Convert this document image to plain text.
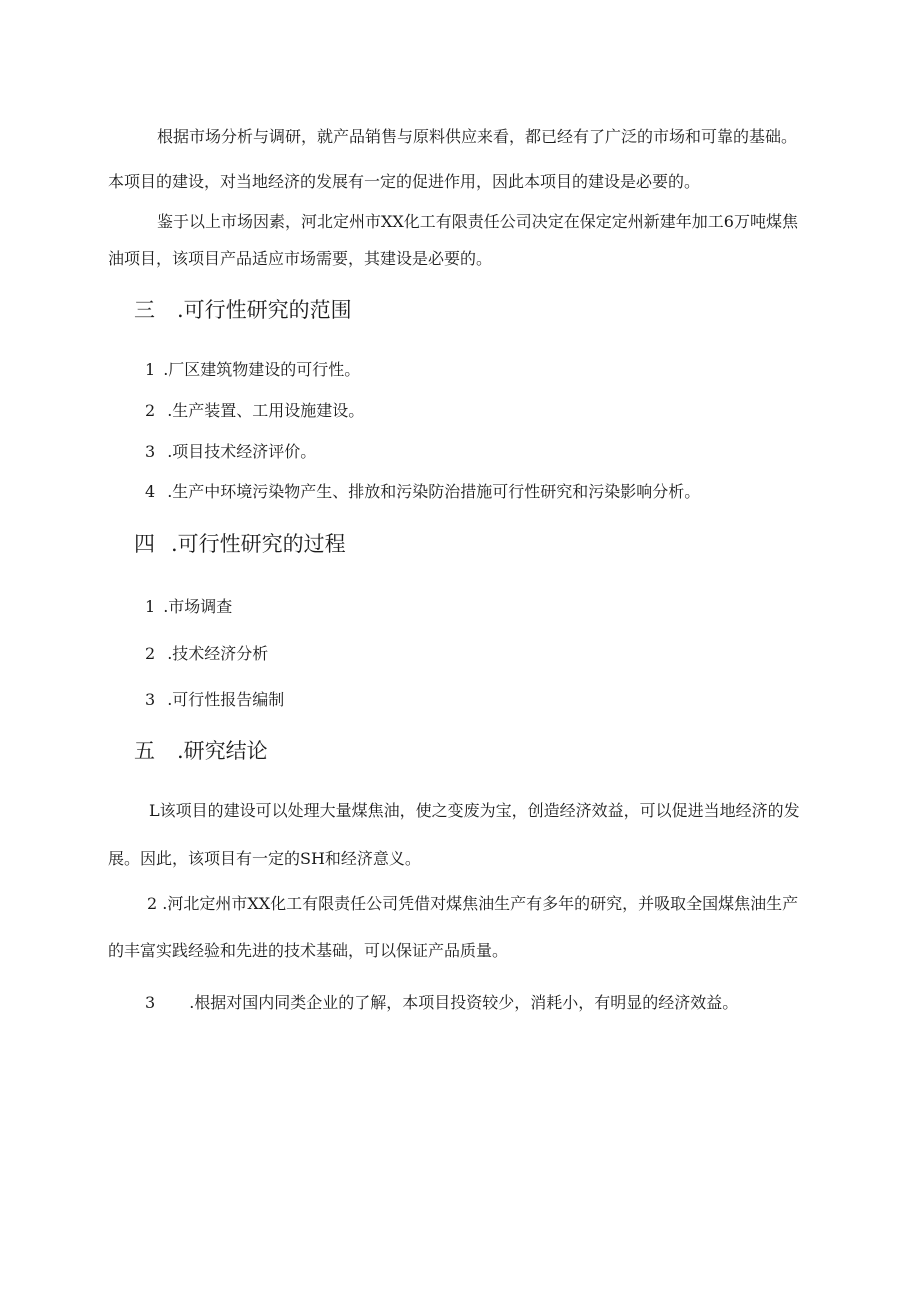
根据市场分析与调研，就产品销售与原料供应来看，都已经有了广泛的市场和可靠的基础。
本项目的建设，对当地经济的发展有一定的促进作用，因此本项目的建设是必要的。
鉴于以上市场因素，河北定州市XX化工有限责任公司决定在保定定州新建年加工6万吨煤焦
油项目，该项目产品适应市场需要，其建设是必要的。
三 .可行性研究的范围
1 .厂区建筑物建设的可行性。
2 .生产装置、工用设施建设。
3 .项目技术经济评价。
4 .生产中环境污染物产生、排放和污染防治措施可行性研究和污染影响分析。
四 .可行性研究的过程
1 .市场调查
2 .技术经济分析
3 .可行性报告编制
五 .研究结论
L该项目的建设可以处理大量煤焦油，使之变废为宝，创造经济效益，可以促进当地经济的发
展。因此，该项目有一定的SH和经济意义。
2 .河北定州市XX化工有限责任公司凭借对煤焦油生产有多年的研究，并吸取全国煤焦油生产
的丰富实践经验和先进的技术基础，可以保证产品质量。
3 .根据对国内同类企业的了解，本项目投资较少，消耗小，有明显的经济效益。
